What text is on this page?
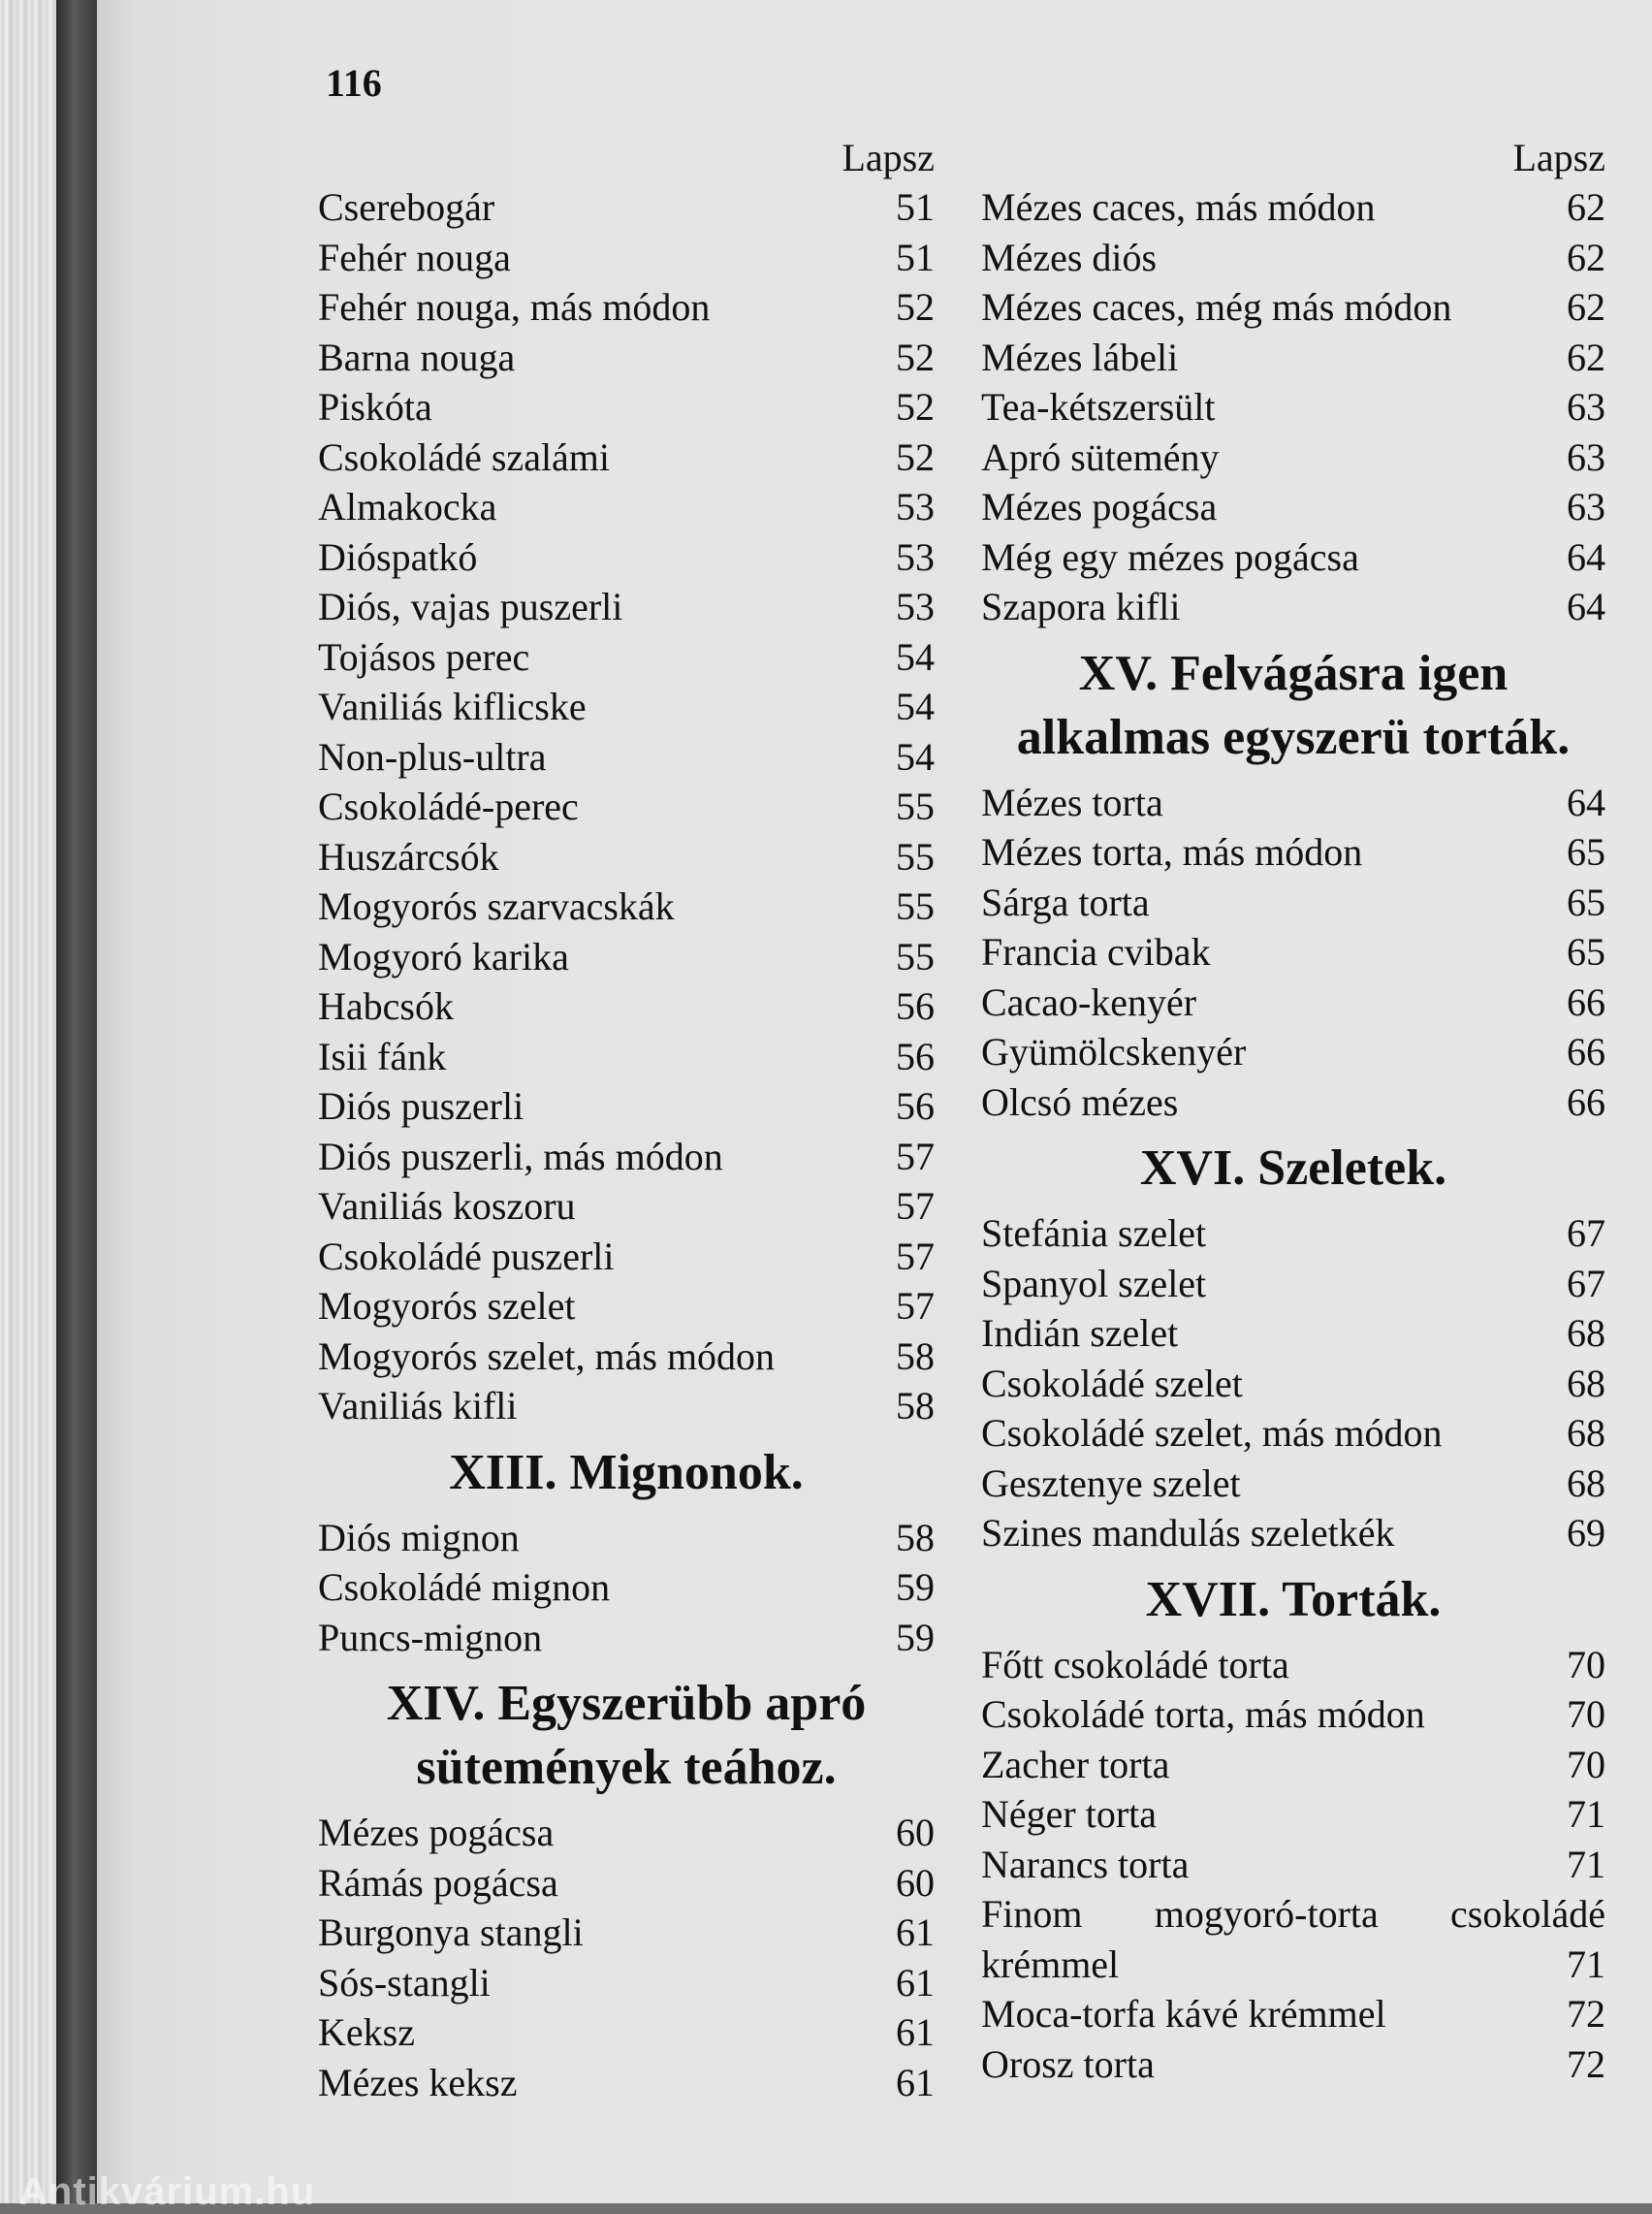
116
Lapsz
Cserebogár	51
Fehér nouga	51
Fehér nouga, más módon	52
Barna nouga	52
Piskóta	52
Csokoládé szalámi	52
Almakocka	53
Dióspatkó	53
Diós, vajas puszerli	53
Tojásos perec	54
Vaniliás kiflicske	54
Non-plus-ultra	54
Csokoládé-perec	55
Huszárcsók	55
Mogyorós szarvacskák	55
Mogyoró karika	55
Habcsók	56
Isii fánk	56
Diós puszerli	56
Diós puszerli, más módon	57
Vaniliás koszoru	57
Csokoládé puszerli	57
Mogyorós szelet	57
Mogyorós szelet, más módon	58
Vaniliás kifli	58
XIII. Mignonok.
Diós mignon	58
Csokoládé mignon	59
Puncs-mignon	59
XIV. Egyszerübb apró
sütemények teához.
Mézes pogácsa	60
Rámás pogácsa	60
Burgonya stangli	61
Sós-stangli	61
Keksz	61
Mézes keksz	61
Lapsz
Mézes caces, más módon	62
Mézes diós	62
Mézes caces, még más módon	62
Mézes lábeli	62
Tea-kétszersült	63
Apró sütemény	63
Mézes pogácsa	63
Még egy mézes pogácsa	64
Szapora kifli	64
XV. Felvágásra igen
alkalmas egyszerü torták.
Mézes torta	64
Mézes torta, más módon	65
Sárga torta	65
Francia cvibak	65
Cacao-kenyér	66
Gyümölcskenyér	66
Olcsó mézes	66
XVI. Szeletek.
Stefánia szelet	67
Spanyol szelet	67
Indián szelet	68
Csokoládé szelet	68
Csokoládé szelet, más módon	68
Gesztenye szelet	68
Szines mandulás szeletkék	69
XVII. Torták.
Főtt csokoládé torta	70
Csokoládé torta, más módon	70
Zacher torta	70
Néger torta	71
Narancs torta	71
Finom mogyoró-torta csokoládé
krémmel	71
Moca-torfa kávé krémmel	72
Orosz torta	72
Antikvárium.hu
